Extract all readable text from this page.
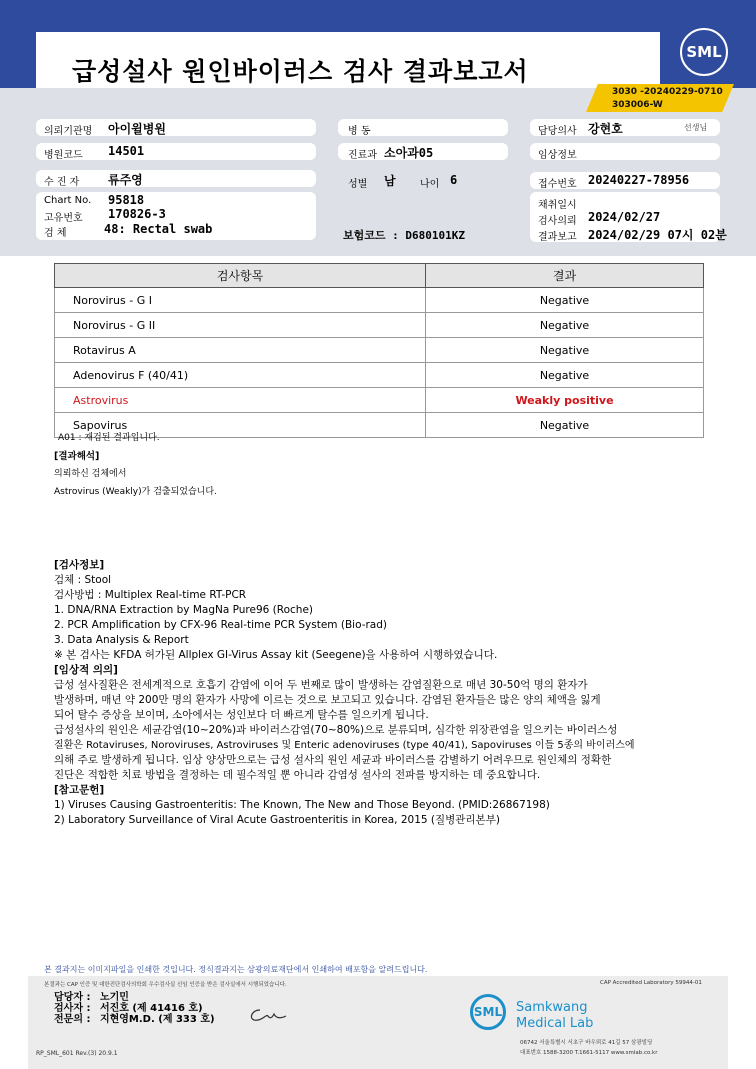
급성설사 원인바이러스 검사 결과보고서
SML
3030 -20240229-0710
303006-W
의뢰기관명 아이윌병원	병 동	담당의사 강현호	선생님
병원코드 14501	진료과 소아과05	임상정보
수 진 자 류주영	성별 남 나이 6	접수번호 20240227-78956
Chart No. 95818
고유번호 170826-3
검 체	48: Rectal swab	보험코드 : D680101KZ
채취일시
검사의뢰 2024/02/27
결과보고 2024/02/29 07시 02분
검사항목	결과
Norovirus - G I	Negative
Norovirus - G II	Negative
Rotavirus A	Negative
Adenovirus F (40/41)	Negative
Astrovirus	Weakly positive
Sapovirus	Negative
A01 : 재검된 결과입니다.
[결과해석]
의뢰하신 검체에서
Astrovirus (Weakly)가 검출되었습니다.
[검사정보]
검체 : Stool
검사방법 : Multiplex Real-time RT-PCR
1. DNA/RNA Extraction by MagNa Pure96 (Roche)
2. PCR Amplification by CFX-96 Real-time PCR System (Bio-rad)
3. Data Analysis & Report
※ 본 검사는 KFDA 허가된 Allplex GI-Virus Assay kit (Seegene)을 사용하여 시행하였습니다.
[임상적 의의]
급성 설사질환은 전세계적으로 호흡기 감염에 이어 두 번째로 많이 발생하는 감염질환으로 매년 30-50억 명의 환자가
발생하며, 매년 약 200만 명의 환자가 사망에 이르는 것으로 보고되고 있습니다. 감염된 환자들은 많은 양의 체액을 잃게
되어 탈수 증상을 보이며, 소아에서는 성인보다 더 빠르게 탈수를 일으키게 됩니다.
급성설사의 원인은 세균감염(10~20%)과 바이러스감염(70~80%)으로 분류되며, 심각한 위장관염을 일으키는 바이러스성
질환은 Rotaviruses, Noroviruses, Astroviruses 및 Enteric adenoviruses (type 40/41), Sapoviruses 이들 5종의 바이러스에
의해 주로 발생하게 됩니다. 임상 양상만으로는 급성 설사의 원인 세균과 바이러스를 감별하기 어려우므로 원인체의 정확한
진단은 적합한 치료 방법을 결정하는 데 필수적일 뿐 아니라 감염성 설사의 전파를 방지하는 데 중요합니다.
[참고문헌]
1) Viruses Causing Gastroenteritis: The Known, The New and Those Beyond. (PMID:26867198)
2) Laboratory Surveillance of Viral Acute Gastroenteritis in Korea, 2015 (질병관리본부)
본 결과지는 이미지파일을 인쇄한 것입니다. 정식결과지는 삼광의료재단에서 인쇄하여 배포함을 알려드립니다.
본결과는 CAP 인증 및 대한진단검사의학회 우수검사실 신임 인증을 받은 검사실에서 시행되었습니다.	CAP Accredited Laboratory 59944-01
담당자 : 노기민
검사자 : 서진호 (제 41416 호)
전문의 : 지현영M.D. (제 333 호)
RP_SML_601 Rev.(3) 20.9.1
SML Samkwang
Medical Lab
06742 서울특별시 서초구 바우뫼로 41길 57 삼광빌딩
대표번호 1588-3200 T.1661-5117 www.smlab.co.kr
